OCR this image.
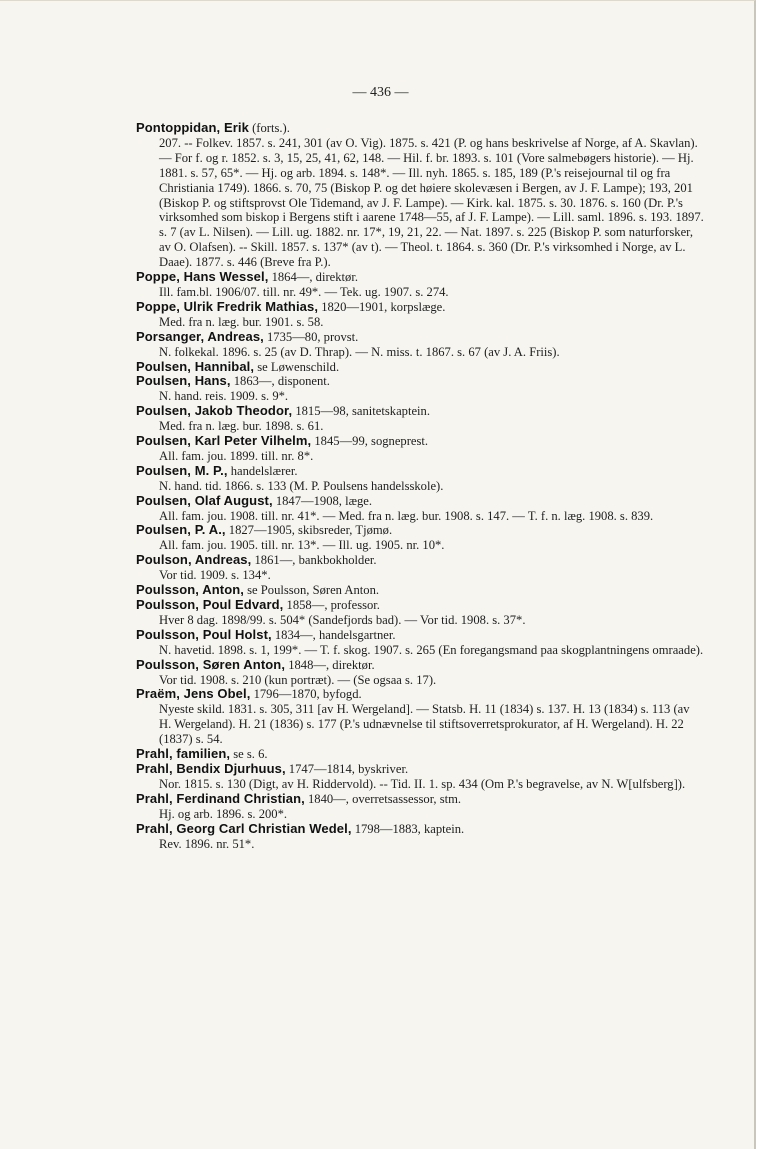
— 436 —
Pontoppidan, Erik (forts.).
207. -- Folkev. 1857. s. 241, 301 (av O. Vig). 1875. s. 421 (P. og hans beskrivelse af Norge, af A. Skavlan). — For f. og r. 1852. s. 3, 15, 25, 41, 62, 148. — Hil. f. br. 1893. s. 101 (Vore salmebøgers historie). — Hj. 1881. s. 57, 65*. — Hj. og arb. 1894. s. 148*. — Ill. nyh. 1865. s. 185, 189 (P.'s reisejournal til og fra Christiania 1749). 1866. s. 70, 75 (Biskop P. og det høiere skolevæsen i Bergen, av J. F. Lampe); 193, 201 (Biskop P. og stiftsprovst Ole Tidemand, av J. F. Lampe). — Kirk. kal. 1875. s. 30. 1876. s. 160 (Dr. P.'s virksomhed som biskop i Bergens stift i aarene 1748—55, af J. F. Lampe). — Lill. saml. 1896. s. 193. 1897. s. 7 (av L. Nilsen). — Lill. ug. 1882. nr. 17*, 19, 21, 22. — Nat. 1897. s. 225 (Biskop P. som naturforsker, av O. Olafsen). -- Skill. 1857. s. 137* (av t). — Theol. t. 1864. s. 360 (Dr. P.'s virksomhed i Norge, av L. Daae). 1877. s. 446 (Breve fra P.).
Poppe, Hans Wessel, 1864—, direktør.
Ill. fam.bl. 1906/07. till. nr. 49*. — Tek. ug. 1907. s. 274.
Poppe, Ulrik Fredrik Mathias, 1820—1901, korpslæge.
Med. fra n. læg. bur. 1901. s. 58.
Porsanger, Andreas, 1735—80, provst.
N. folkekal. 1896. s. 25 (av D. Thrap). — N. miss. t. 1867. s. 67 (av J. A. Friis).
Poulsen, Hannibal, se Løwenschild.
Poulsen, Hans, 1863—, disponent.
N. hand. reis. 1909. s. 9*.
Poulsen, Jakob Theodor, 1815—98, sanitetskaptein.
Med. fra n. læg. bur. 1898. s. 61.
Poulsen, Karl Peter Vilhelm, 1845—99, sogneprest.
All. fam. jou. 1899. till. nr. 8*.
Poulsen, M. P., handelslærer.
N. hand. tid. 1866. s. 133 (M. P. Poulsens handelsskole).
Poulsen, Olaf August, 1847—1908, læge.
All. fam. jou. 1908. till. nr. 41*. — Med. fra n. læg. bur. 1908. s. 147. — T. f. n. læg. 1908. s. 839.
Poulsen, P. A., 1827—1905, skibsreder, Tjømø.
All. fam. jou. 1905. till. nr. 13*. — Ill. ug. 1905. nr. 10*.
Poulson, Andreas, 1861—, bankbokholder.
Vor tid. 1909. s. 134*.
Poulsson, Anton, se Poulsson, Søren Anton.
Poulsson, Poul Edvard, 1858—, professor.
Hver 8 dag. 1898/99. s. 504* (Sandefjords bad). — Vor tid. 1908. s. 37*.
Poulsson, Poul Holst, 1834—, handelsgartner.
N. havetid. 1898. s. 1, 199*. — T. f. skog. 1907. s. 265 (En foregangsmand paa skogplantningens omraade).
Poulsson, Søren Anton, 1848—, direktør.
Vor tid. 1908. s. 210 (kun portræt). — (Se ogsaa s. 17).
Praëm, Jens Obel, 1796—1870, byfogd.
Nyeste skild. 1831. s. 305, 311 [av H. Wergeland]. — Statsb. H. 11 (1834) s. 137. H. 13 (1834) s. 113 (av H. Wergeland). H. 21 (1836) s. 177 (P.'s udnævnelse til stiftsoverretsprokurator, af H. Wergeland). H. 22 (1837) s. 54.
Prahl, familien, se s. 6.
Prahl, Bendix Djurhuus, 1747—1814, byskriver.
Nor. 1815. s. 130 (Digt, av H. Riddervold). -- Tid. II. 1. sp. 434 (Om P.'s begravelse, av N. W[ulfsberg]).
Prahl, Ferdinand Christian, 1840—, overretsassessor, stm.
Hj. og arb. 1896. s. 200*.
Prahl, Georg Carl Christian Wedel, 1798—1883, kaptein.
Rev. 1896. nr. 51*.
